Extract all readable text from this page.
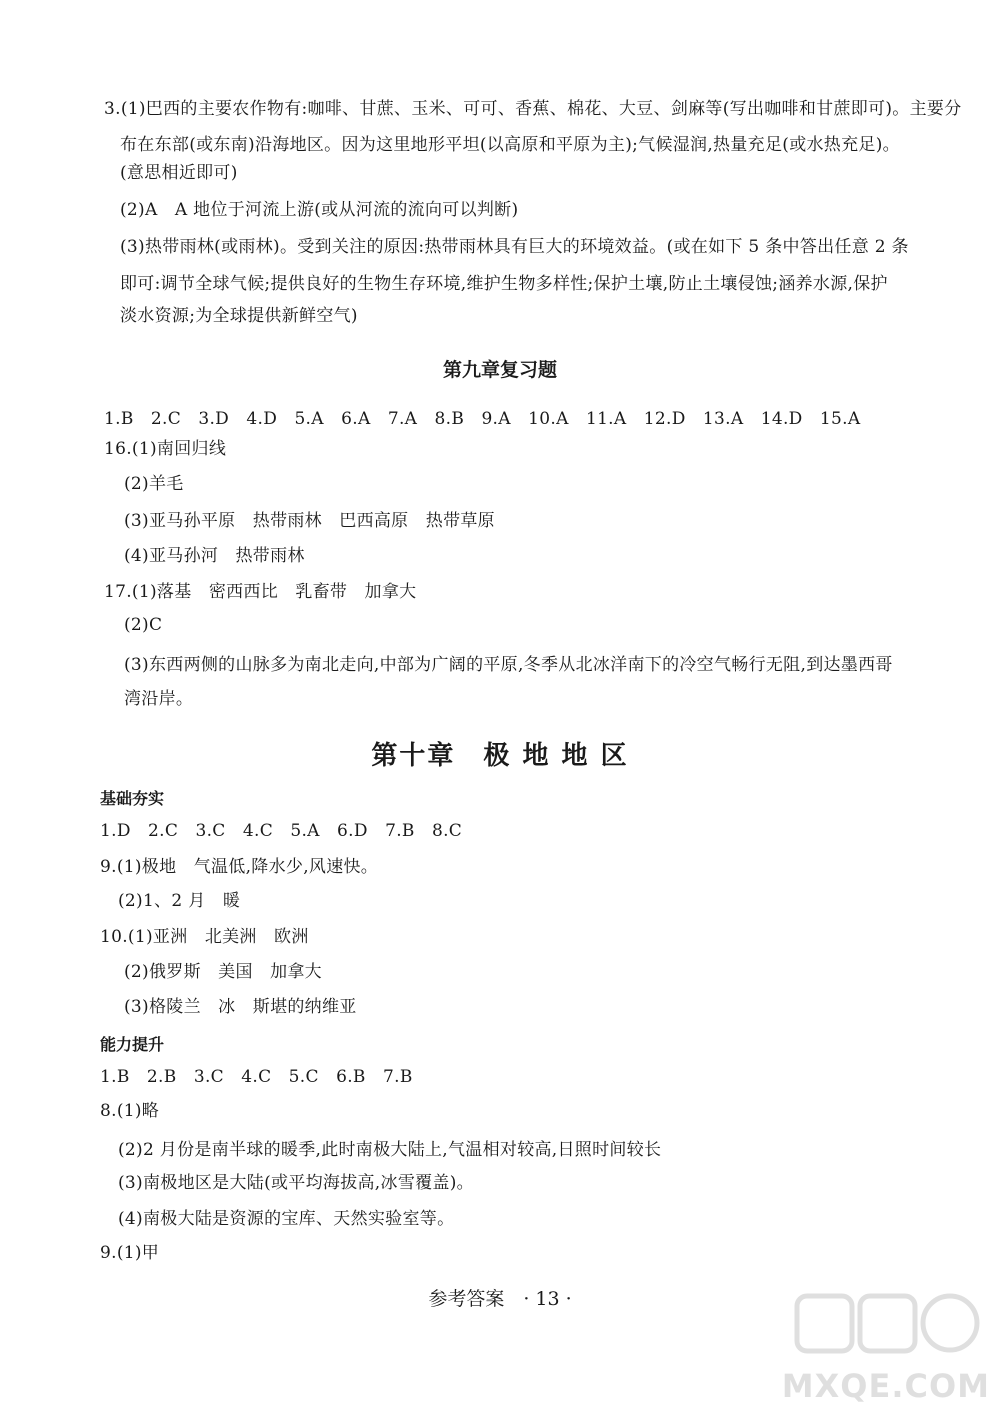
3.(1)巴西的主要农作物有:咖啡、甘蔗、玉米、可可、香蕉、棉花、大豆、剑麻等(写出咖啡和甘蔗即可)。主要分
布在东部(或东南)沿海地区。因为这里地形平坦(以高原和平原为主);气候湿润,热量充足(或水热充足)。
(意思相近即可)
(2)A　A 地位于河流上游(或从河流的流向可以判断)
(3)热带雨林(或雨林)。受到关注的原因:热带雨林具有巨大的环境效益。(或在如下 5 条中答出任意 2 条
即可:调节全球气候;提供良好的生物生存环境,维护生物多样性;保护土壤,防止土壤侵蚀;涵养水源,保护
淡水资源;为全球提供新鲜空气)
第九章复习题
1.B　2.C　3.D　4.D　5.A　6.A　7.A　8.B　9.A　10.A　11.A　12.D　13.A　14.D　15.A
16.(1)南回归线
(2)羊毛
(3)亚马孙平原　热带雨林　巴西高原　热带草原
(4)亚马孙河　热带雨林
17.(1)落基　密西西比　乳畜带　加拿大
(2)C
(3)东西两侧的山脉多为南北走向,中部为广阔的平原,冬季从北冰洋南下的冷空气畅行无阻,到达墨西哥
湾沿岸。
第十章　极 地 地 区
基础夯实
1.D　2.C　3.C　4.C　5.A　6.D　7.B　8.C
9.(1)极地　气温低,降水少,风速快。
(2)1、2 月　暖
10.(1)亚洲　北美洲　欧洲
(2)俄罗斯　美国　加拿大
(3)格陵兰　冰　斯堪的纳维亚
能力提升
1.B　2.B　3.C　4.C　5.C　6.B　7.B
8.(1)略
(2)2 月份是南半球的暖季,此时南极大陆上,气温相对较高,日照时间较长
(3)南极地区是大陆(或平均海拔高,冰雪覆盖)。
(4)南极大陆是资源的宝库、天然实验室等。
9.(1)甲
参考答案　· 13 ·
MXQE.COM
